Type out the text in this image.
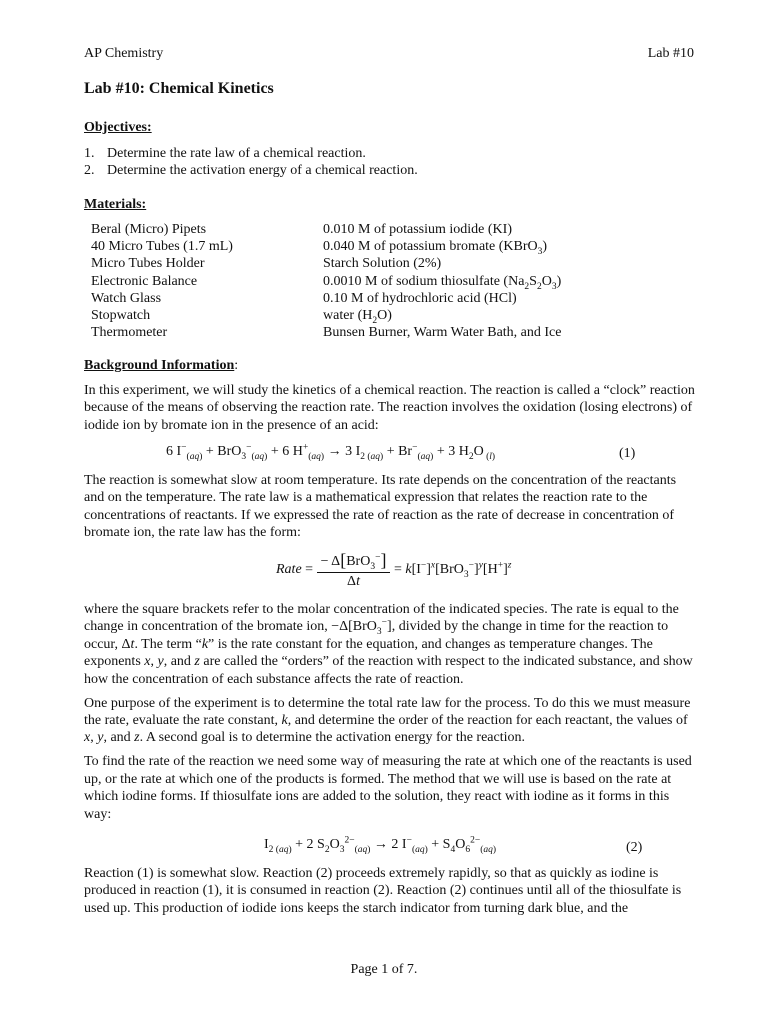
AP Chemistry	Lab #10
Lab #10: Chemical Kinetics
Objectives:
1. Determine the rate law of a chemical reaction.
2. Determine the activation energy of a chemical reaction.
Materials:
Beral (Micro) Pipets	0.010 M of potassium iodide (KI)
40 Micro Tubes (1.7 mL)	0.040 M of potassium bromate (KBrO$_3$)
Micro Tubes Holder	Starch Solution (2%)
Electronic Balance	0.0010 M of sodium thiosulfate $(Na_2S_2O_3)$
Watch Glass	0.10 M of hydrochloric acid (HCl)
Stopwatch	water $(H_2O)$
Thermometer	Bunsen Burner, Warm Water Bath, and Ice
Background Information:
In this experiment, we will study the kinetics of a chemical reaction. The reaction is called a “clock” reaction because of the means of observing the reaction rate. The reaction involves the oxidation (losing electrons) of iodide ion by bromate ion in the presence of an acid:
6 $I^-_{(aq)} + BrO_3^-_{(aq)} + 6$ $H^+_{(aq)} \to 3$ $I_{2 (aq)} + Br^-_{(aq)} + 3$ $H_2O$ $_{(l)}$	(1)
The reaction is somewhat slow at room temperature. Its rate depends on the concentration of the reactants and on the temperature. The rate law is a mathematical expression that relates the reaction rate to the concentrations of reactants. If we expressed the rate of reaction as the rate of decrease in concentration of bromate ion, the rate law has the form:
Rate = $\frac{- \Delta[BrO_3^-]}{\Delta t} = k[I^-]^x[BrO_3^-]^y[H^+]^z$

where the square brackets refer to the molar concentration of the indicated species. The rate is equal to the change in concentration of the bromate ion, −Δ[BrO$_3$−], divided by the change in time for the reaction to occur, Δt. The term “k” is the rate constant for the equation, and changes as temperature changes. The exponents x, y, and z are called the “orders” of the reaction with respect to the indicated substance, and show how the concentration of each substance affects the rate of reaction.

One purpose of the experiment is to determine the total rate law for the process. To do this we must measure the rate, evaluate the rate constant, k, and determine the order of the reaction for each reactant, the values of x, y, and z. A second goal is to determine the activation energy for the reaction.

To find the rate of the reaction we need some way of measuring the rate at which one of the reactants is used up, or the rate at which one of the products is formed. The method that we will use is based on the rate at which iodine forms. If thiosulfate ions are added to the solution, they react with iodine as it forms in this way:

$I_{2 (aq)} + 2$ $S_2O_3^{2-}_{(aq)} \to 2$ $I^-_{(aq)} + S_4O_6^{2-}_{(aq)}$	(2)
Reaction (1) is somewhat slow. Reaction (2) proceeds extremely rapidly, so that as quickly as iodine is produced in reaction (1), it is consumed in reaction (2). Reaction (2) continues until all of the thiosulfate is used up. This production of iodide ions keeps the starch indicator from turning dark blue, and the
Page 1 of 7.
